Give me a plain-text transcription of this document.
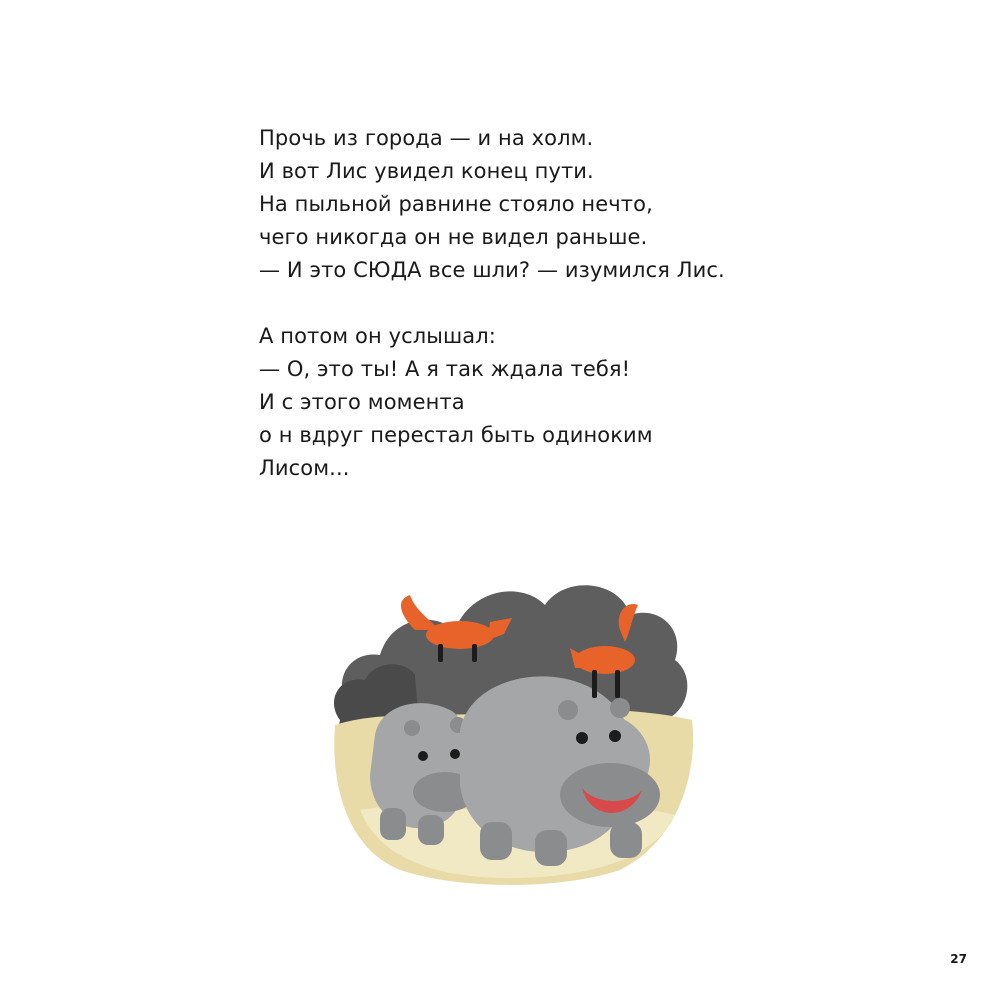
Прочь из города — и на холм.
И вот Лис увидел конец пути.
На пыльной равнине стояло нечто,
чего никогда он не видел раньше.
— И это СЮДА все шли? — изумился Лис.

А потом он услышал:
— О, это ты! А я так ждала тебя!
И с этого момента
о н вдруг перестал быть одиноким
Лисом...

27
